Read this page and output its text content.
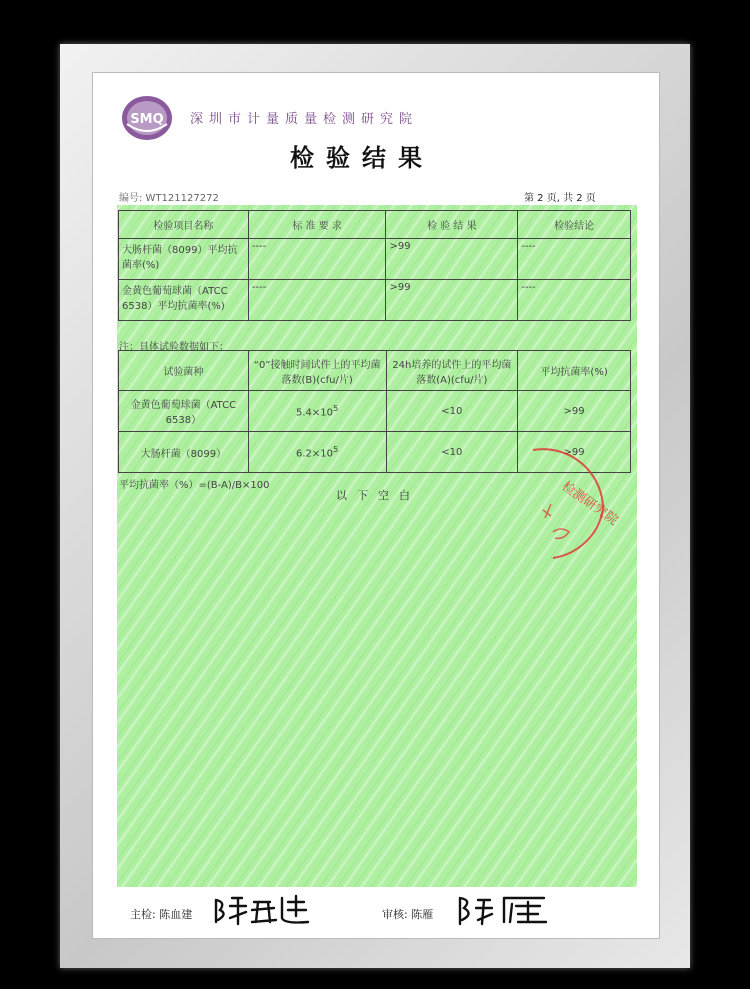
SMQ 深圳市计量质量检测研究院
检验结果
编号: WT121127272	第 2 页, 共 2 页
检验项目名称	标 准 要 求	检 验 结 果	检验结论
大肠杆菌（8099）平均抗菌率(%)	----	>99	----
金黄色葡萄球菌（ATCC 6538）平均抗菌率(%)	----	>99	----
注：具体试验数据如下：
试验菌种	“0”接触时间试件上的平均菌落数(B)(cfu/片)	24h培养的试件上的平均菌落数(A)(cfu/片)	平均抗菌率(%)
金黄色葡萄球菌（ATCC 6538）	$5.4\times 10^5$	<10	>99
大肠杆菌（8099）	$6.2\times 10^5$	<10	>99
平均抗菌率（%）=(B-A)/B×100
以下空白	检测研究院
主检: 陈血建	审核: 陈雁
